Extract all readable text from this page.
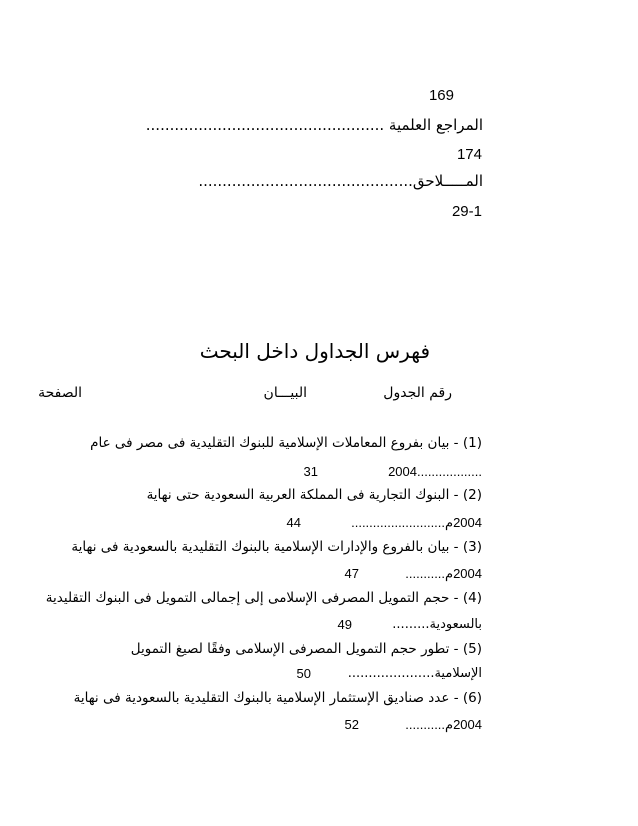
169
المراجع العلمية ..................................................
174
المـــــلاحق.............................................
29-1
فهرس الجداول داخل البحث
رقم الجدول
البيـــان
الصفحة
(1) - بيان بفروع المعاملات الإسلامية للبنوك التقليدية فى مصر فى عام
2004..................
31
(2) - البنوك التجارية فى المملكة العربية السعودية حتى نهاية
2004م..........................
44
(3) - بيان بالفروع والإدارات الإسلامية بالبنوك التقليدية بالسعودية فى نهاية
2004م...........
47
(4) - حجم التمويل المصرفى الإسلامى إلى إجمالى التمويل فى البنوك التقليدية
بالسعودية.........
49
(5) - تطور حجم التمويل المصرفى الإسلامى وفقًا لصيغ التمويل
الإسلامية.....................
50
(6) - عدد صناديق الإستثمار الإسلامية بالبنوك التقليدية بالسعودية فى نهاية
2004م...........
52
